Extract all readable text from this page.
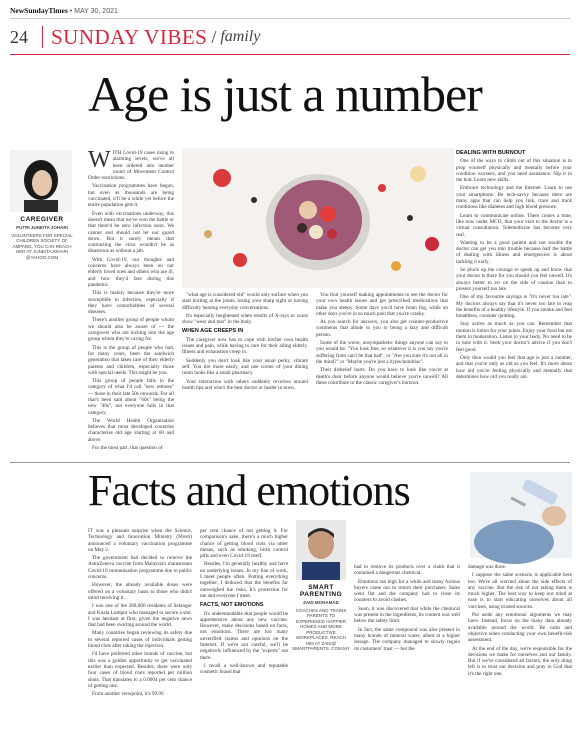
NewSundayTimes • MAY 30, 2021
24	SUNDAY VIBES / family
Age is just a number
CAREGIVER
PUTRI JUNEITA JOHARI
VOLUNTEERS FOR SPECIAL CHILDREN SOCIETY OF AMPANG. YOU CAN REACH HER AT JUNEITAJOHARI @YAHOO.COM

WITH Covid-19 cases rising to alarming levels, we've all been ordered into another round of Movement Control Order restrictions.

Vaccination programmes have begun, but even as thousands are being vaccinated, it'll be a while yet before the entire population gets it.

Even with vaccinations underway, this doesn't mean that we've won the battle or that there'd be zero infection soon. We cannot and should not let our guard down. But it surely means that contracting the virus wouldn't be as disastrous as without a jab.

With Covid-19, our thoughts and concerns have always been on our elderly loved ones and others who are ill, and how they'd fare during this pandemic.

This is mainly because they're more susceptible to infection, especially if they have comorbidities of several diseases.

There's another group of people whom we should also be aware of — the caregivers who are inching into the age group whom they're caring for.

This is the group of people who had, for many years, been the sandwich generation that takes care of their elderly parents and children, especially those with special needs. This might be you.

This group of people falls in the category of what I'd call "new retirees" — those in their late 50s onwards. For all that's been said about "60s" being the new "40s", not everyone falls in that category.

The World Health Organisation believes that most developed countries characterise old age starting at 60 and above.

For the most part, that question of

"what age is considered old" would only surface when you start hurting at the joints, losing your sharp sight or having difficulty hearing everyday conversations.

It's especially heightened when results of X-rays or scans show "wear and tear" in the body.

WHEN AGE CREEPS IN

The caregiver now has to cope with his/her own health issues and pain, while having to care for their ailing elderly. Illness and exhaustion creep in.

Suddenly you don't look like your usual perky, vibrant self. You tire more easily, and one corner of your dining room looks like a small pharmacy.

Your interaction with others suddenly revolves around health tips and who's the best doctor or healer in town.

You find yourself making appointments to see the doctor for your own health issues and get prescribed medications that make you sleepy. Some days you'd have brain fog, while on other days you're in so much pain that you're cranky.

As you search for answers, you also get counter-productive comments that allude to you to being a lazy and difficult person.

Some of the worst, unsympathetic things anyone can say to you would be: "You look fine, so whatever it is you say you're suffering from can't be that bad", or "Are you sure it's not all in the mind?" or "Maybe you're just a hypochondriac".

Their disbelief hurts. Do you have to look like you're at death's door before anyone would believe you're unwell? All these contribute to the classic caregiver's burnout.

DEALING WITH BURNOUT

One of the ways to climb out of this situation is to prop yourself physically and mentally before your condition worsens, and you need assistance. Nip it in the bud. Learn new skills.

Embrace technology and the Internet. Learn to use your smartphone. Be tech-savvy because there are many apps that can help you link, trace and track conditions like diabetes and high blood pressure.

Learn to communicate online. There comes a time, like now under MCO, that your visit to the doctor is a virtual consultation. Telemedicine has become very real.

Wanting to be a good patient and not trouble the doctor can get you into trouble because half the battle of dealing with illness and emergencies is about tackling it early.

So pluck up the courage to speak up and know that your doctor is there for you should you feel unwell. It's always better to err on the side of caution than to present yourself too late.

One of my favourite sayings is "It's never too late". My doctors always say that it's never too late to reap the benefits of a healthy lifestyle. If you smoke and feel breathless, consider quitting.

Stay active as much as you can. Remember that motion is lotion for your joints. Enjoy your food but eat them in moderation. Listen to your body. No need to be in tune with it. Seek your doctor's advice if you don't feel good.

Only then would you feel that age is just a number, and that you're only as old as you feel. It's more about how old you're feeling physically and mentally that determines how old you really are.

Facts and emotions
SMART PARENTING
ZAID MOHAMAD
COACHES AND TRAINS PARENTS TO EXPERIENCE HAPPIER HOMES AND MORE PRODUCTIVE WORKPLACES. REACH HIM AT ZAID@ SMARTPARENTS. COM.MY

IT was a pleasant surprise when the Science, Technology and Innovation Ministry (Mosti) announced a voluntary vaccination programme on May 2.

The government had decided to remove the AstraZeneca vaccine from Malaysia's mainstream Covid-19 immunisation programme due to public concerns.

However, the already available doses were offered on a voluntary basis to those who didn't mind receiving it.

I was one of the 268,000 residents of Selangor and Kuala Lumpur who managed to secure a slot. I was hesitant at first, given the negative news that had been swirling around the world.

Many countries began reviewing its safety due to several reported cases of individuals getting blood clots after taking the injection.

I'd have preferred other brands of vaccine, but this was a golden opportunity to get vaccinated earlier than expected. Besides, there were only four cases of blood clots reported per million shots. That translates to a 0.0004 per cent chance of getting one.

From another viewpoint, it's 99.99

per cent chance of not getting it. For comparison's sake, there's a much higher chance of getting blood clots via other means, such as smoking, birth control pills and even Covid-19 itself.

Besides, I'm generally healthy and have no underlying issues. In my line of work, I meet people often. Putting everything together, I deduced that the benefits far outweighed the risks. It's protection for me and everyone I meet.

FACTS, NOT EMOTIONS

It's understandable that people would be apprehensive about any new vaccine. However, make decisions based on facts, not emotions. There are too many unverified claims and opinions on the Internet. If we're not careful, we'll be negatively influenced by the "experts" out there.

I recall a well-known and reputable cosmetic brand that

had to remove its products over a claim that it contained a dangerous chemical.

Emotions ran high for a while and many furious buyers came out to return their purchases. Sales went flat and the company had to close its counters to avoid clashes.

Soon, it was discovered that while the chemical was present in the ingredients, its content was well below the safety limit.

In fact, the same compound was also present in many brands of mineral water, albeit at a higher dosage. The company managed to slowly regain its customers' trust — but the

damage was done.

I suppose the same scenario is applicable here too. We're all worried about the side effects of any vaccine. But the risk of not taking them is much higher. The best way to keep our mind at ease is to start educating ourselves about all vaccines, using trusted sources.

Put aside any emotional arguments we may have. Instead, focus on the many data already available around the world. Be calm and objective when conducting your own benefit-risk assessment.

At the end of the day, we're responsible for the decisions we make for ourselves and our family. But if we've considered all factors, the only thing left is to trust our decision and pray to God that it's the right one.
